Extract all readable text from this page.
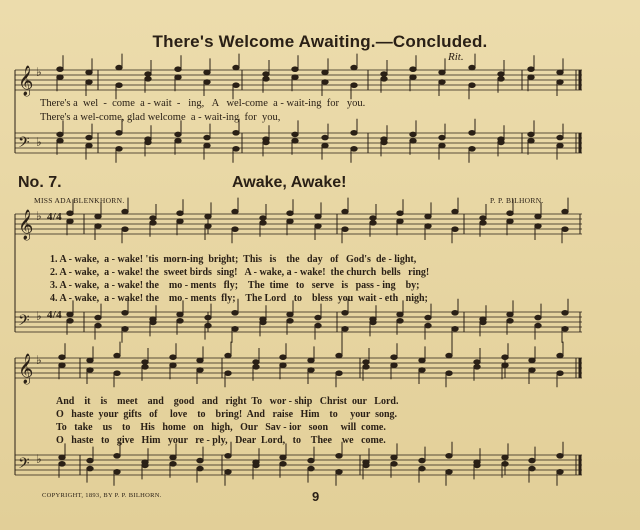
There's Welcome Awaiting.—Concluded.
Rit.
𝄞
𝄢
𝄞
𝄢
𝄞
𝄢
♭
♭
♭
♭
♭
♭
4/4
4/4
There's a  wel  -  come  a - wait  -   ing,   A   wel-come  a - wait-ing  for   you.
There's a wel-come, glad welcome  a - wait-ing  for  you,
No. 7.	Awake, Awake!
MISS ADA BLENKHORN.	P. P. BILHORN.
1. A - wake,  a - wake! 'tis  morn-ing  bright;  This   is    the   day   of   God's  de - light,
2. A - wake,  a - wake! the  sweet birds  sing!   A - wake, a - wake!  the church  bells   ring!
3. A - wake,  a - wake! the    mo - ments   fly;    The  time   to   serve   is   pass - ing    by;
4. A - wake,  a - wake! the    mo - ments  fly;    The Lord   to    bless  you  wait - eth   nigh;
And    it    is    meet    and    good   and   right  To   wor - ship   Christ  our   Lord.
O   haste  your  gifts   of     love    to    bring!  And   raise   Him    to     your  song.
To   take    us    to    His   home   on   high,   Our   Sav - ior   soon     will  come.
O   haste   to   give   Him   your   re - ply,   Dear  Lord,   to    Thee    we   come.
COPYRIGHT, 1893, BY P. P. BILHORN.	9
